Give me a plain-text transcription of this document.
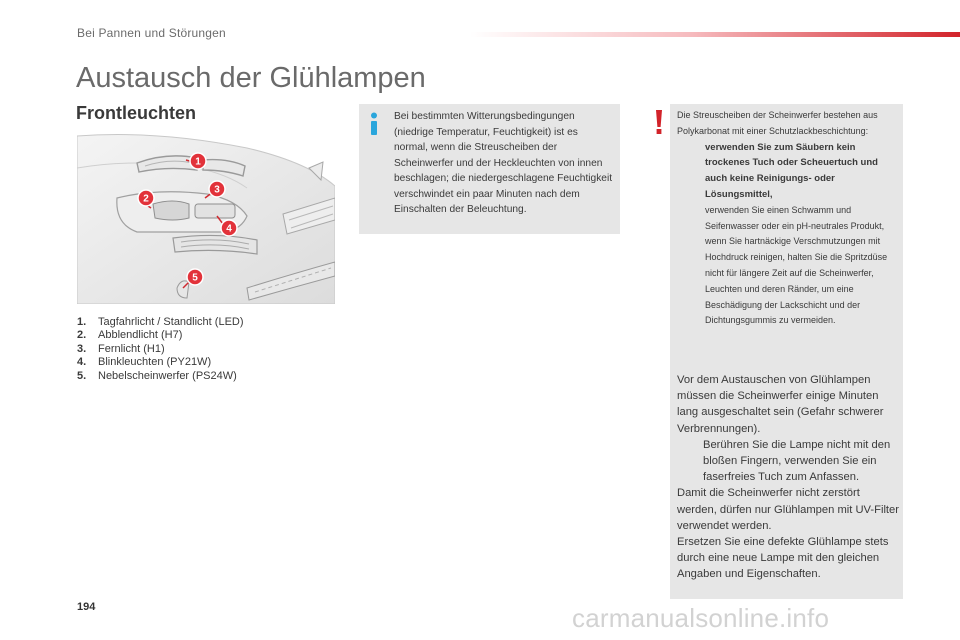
Bei Pannen und Störungen
Austausch der Glühlampen
Frontleuchten
1
2
3
4
5
1. Tagfahrlicht / Standlicht (LED)
2. Abblendlicht (H7)
3. Fernlicht (H1)
4. Blinkleuchten (PY21W)
5. Nebelscheinwerfer (PS24W)

Bei bestimmten Witterungsbedingungen (niedrige Temperatur, Feuchtigkeit) ist es normal, wenn die Streuscheiben der Scheinwerfer und der Heckleuchten von innen beschlagen; die niedergeschlagene Feuchtigkeit verschwindet ein paar Minuten nach dem Einschalten der Beleuchtung.

Die Streuscheiben der Scheinwerfer bestehen aus Polykarbonat mit einer Schutzlackbeschichtung:

verwenden Sie zum Säubern kein trockenes Tuch oder Scheuertuch und auch keine Reinigungs- oder Lösungsmittel,
verwenden Sie einen Schwamm und Seifenwasser oder ein pH-neutrales Produkt,
wenn Sie hartnäckige Verschmutzungen mit Hochdruck reinigen, halten Sie die Spritzdüse nicht für längere Zeit auf die Scheinwerfer, Leuchten und deren Ränder, um eine Beschädigung der Lackschicht und der Dichtungsgummis zu vermeiden.

Vor dem Austauschen von Glühlampen müssen die Scheinwerfer einige Minuten lang ausgeschaltet sein (Gefahr schwerer Verbrennungen).

Berühren Sie die Lampe nicht mit den bloßen Fingern, verwenden Sie ein faserfreies Tuch zum Anfassen.

Damit die Scheinwerfer nicht zerstört werden, dürfen nur Glühlampen mit UV-Filter verwendet werden.

Ersetzen Sie eine defekte Glühlampe stets durch eine neue Lampe mit den gleichen Angaben und Eigenschaften.

194	carmanualsonline.info
